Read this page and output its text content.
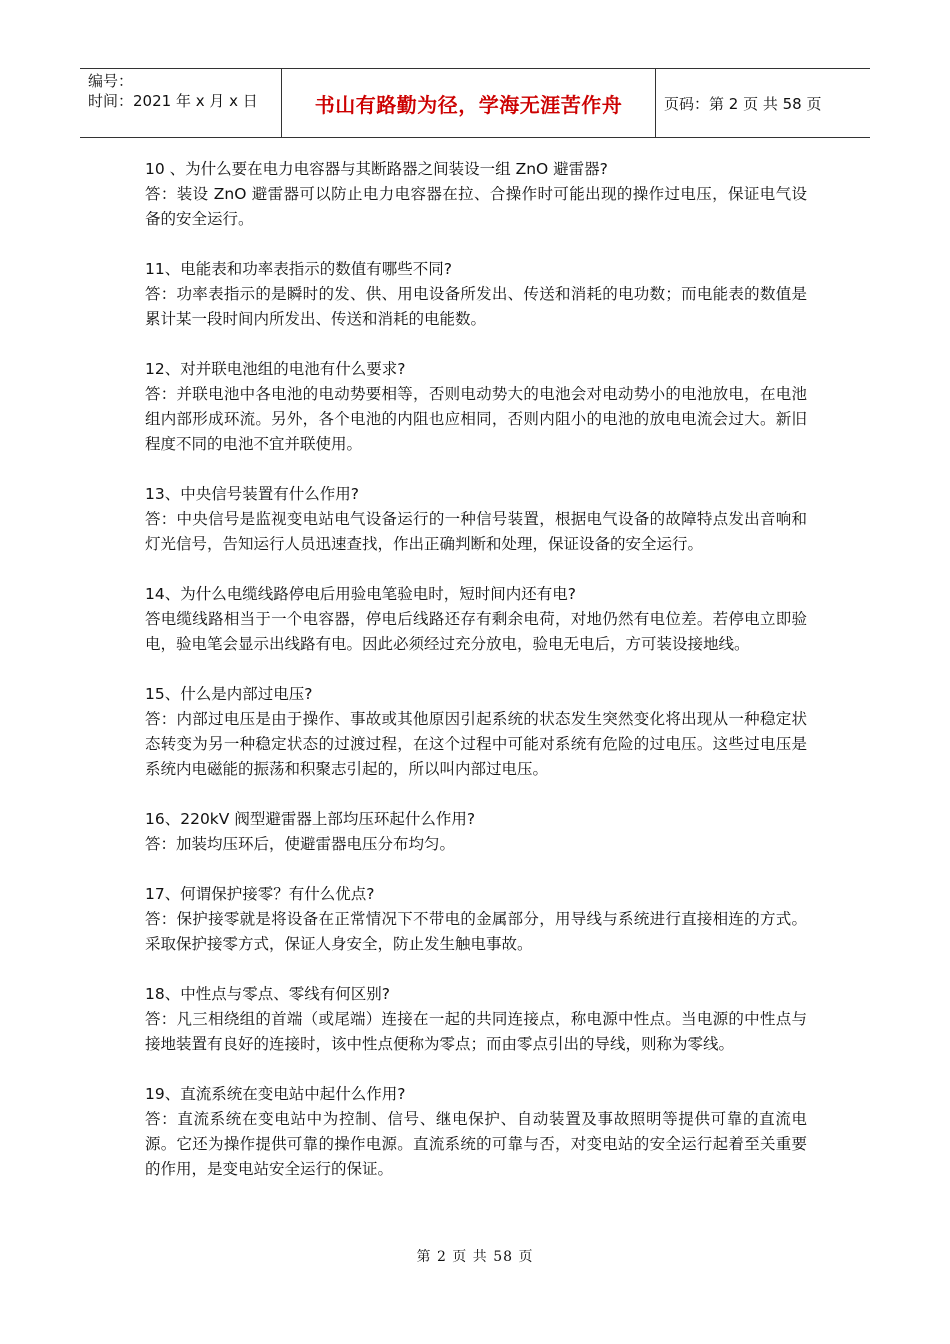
编号：
时间：2021 年 x 月 x 日	书山有路勤为径，学海无涯苦作舟	页码：第 2 页 共 58 页

10 、为什么要在电力电容器与其断路器之间装设一组 ZnO 避雷器?

答：装设 ZnO 避雷器可以防止电力电容器在拉、合操作时可能出现的操作过电压，保证电气设备的安全运行。

11、电能表和功率表指示的数值有哪些不同?

答：功率表指示的是瞬时的发、供、用电设备所发出、传送和消耗的电功数；而电能表的数值是累计某一段时间内所发出、传送和消耗的电能数。

12、对并联电池组的电池有什么要求?

答：并联电池中各电池的电动势要相等，否则电动势大的电池会对电动势小的电池放电，在电池组内部形成环流。另外，各个电池的内阻也应相同，否则内阻小的电池的放电电流会过大。新旧程度不同的电池不宜并联使用。

13、中央信号装置有什么作用?

答：中央信号是监视变电站电气设备运行的一种信号装置，根据电气设备的故障特点发出音响和灯光信号，告知运行人员迅速查找，作出正确判断和处理，保证设备的安全运行。

14、为什么电缆线路停电后用验电笔验电时，短时间内还有电?

答电缆线路相当于一个电容器，停电后线路还存有剩余电荷，对地仍然有电位差。若停电立即验电，验电笔会显示出线路有电。因此必须经过充分放电，验电无电后，方可装设接地线。

15、什么是内部过电压?

答：内部过电压是由于操作、事故或其他原因引起系统的状态发生突然变化将出现从一种稳定状态转变为另一种稳定状态的过渡过程，在这个过程中可能对系统有危险的过电压。这些过电压是系统内电磁能的振荡和积聚志引起的，所以叫内部过电压。

16、220kV 阀型避雷器上部均压环起什么作用?

答：加装均压环后，使避雷器电压分布均匀。

17、何谓保护接零？有什么优点?

答：保护接零就是将设备在正常情况下不带电的金属部分，用导线与系统进行直接相连的方式。采取保护接零方式，保证人身安全，防止发生触电事故。

18、中性点与零点、零线有何区别?

答：凡三相绕组的首端（或尾端）连接在一起的共同连接点，称电源中性点。当电源的中性点与接地装置有良好的连接时，该中性点便称为零点；而由零点引出的导线，则称为零线。

19、直流系统在变电站中起什么作用?

答：直流系统在变电站中为控制、信号、继电保护、自动装置及事故照明等提供可靠的直流电源。它还为操作提供可靠的操作电源。直流系统的可靠与否，对变电站的安全运行起着至关重要的作用，是变电站安全运行的保证。

第 2 页 共 58 页
